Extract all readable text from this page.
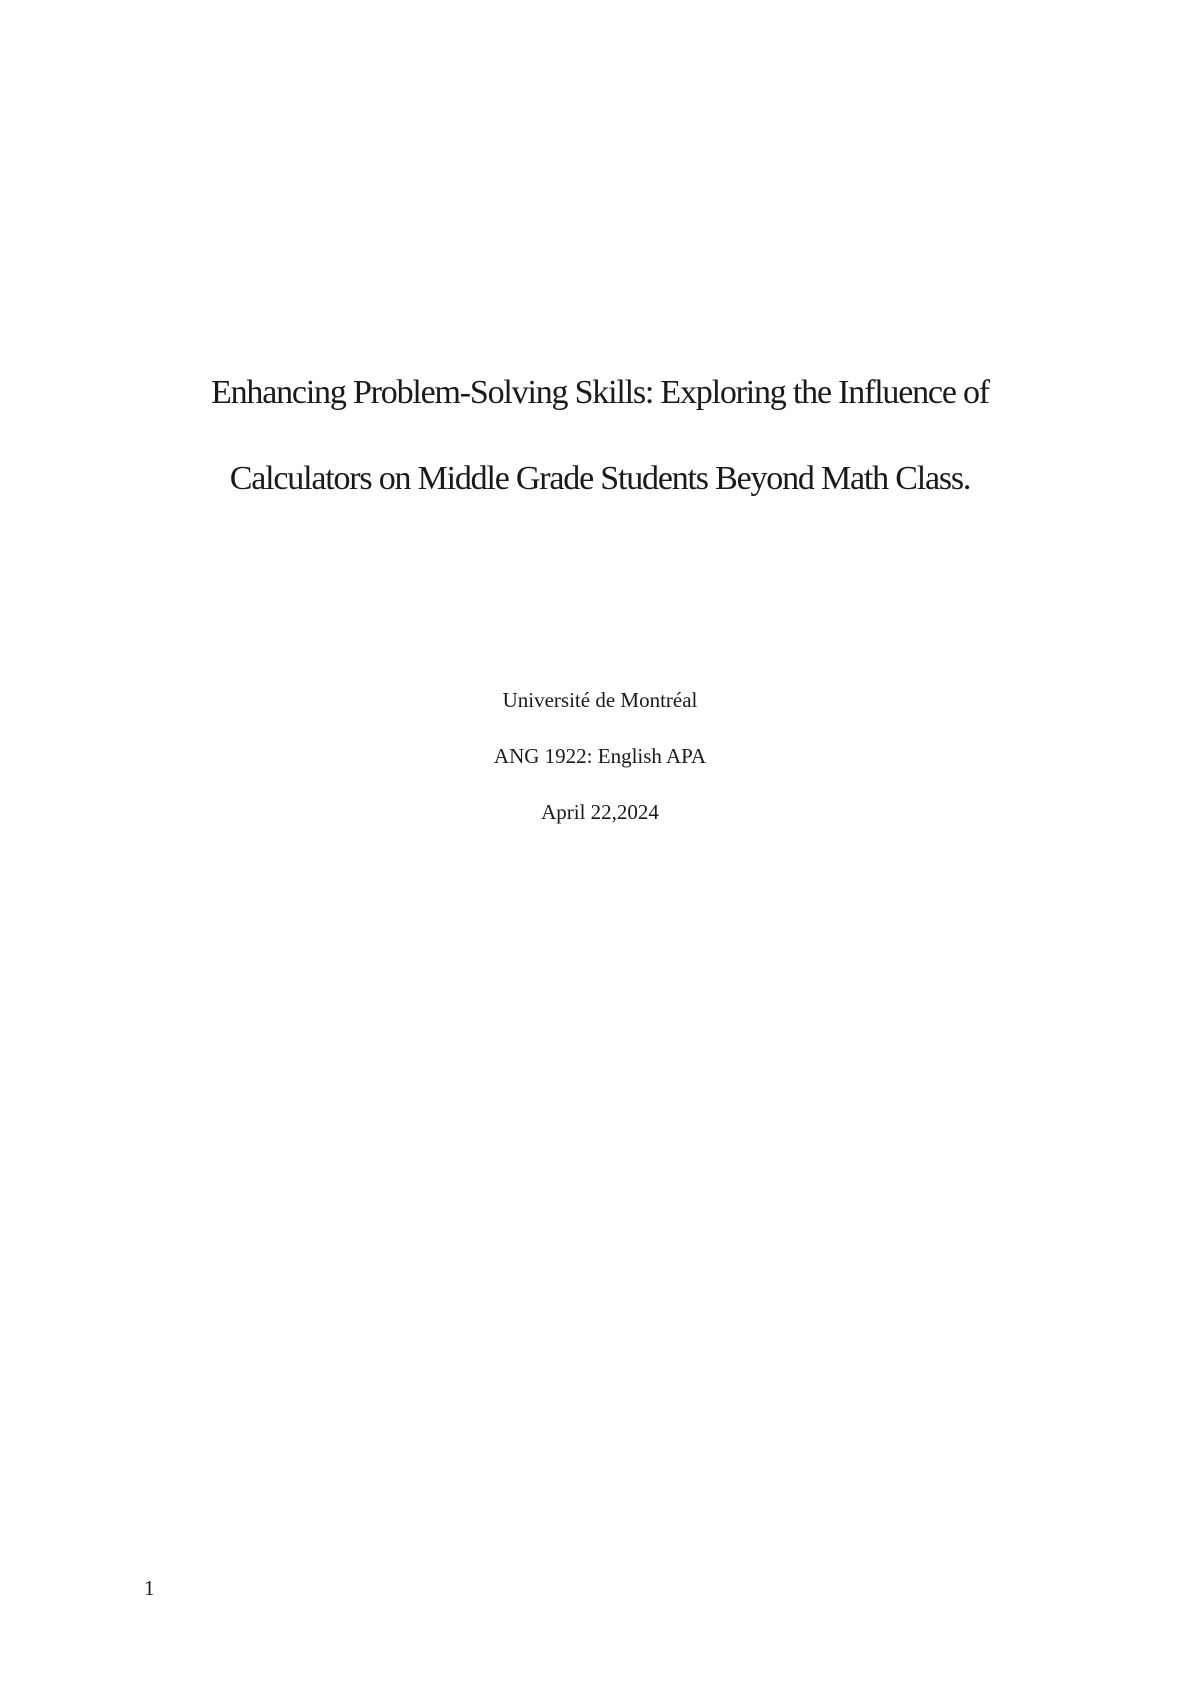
Enhancing Problem-Solving Skills: Exploring the Influence of
Calculators on Middle Grade Students Beyond Math Class.
Université de Montréal
ANG 1922: English APA
April 22,2024
1
